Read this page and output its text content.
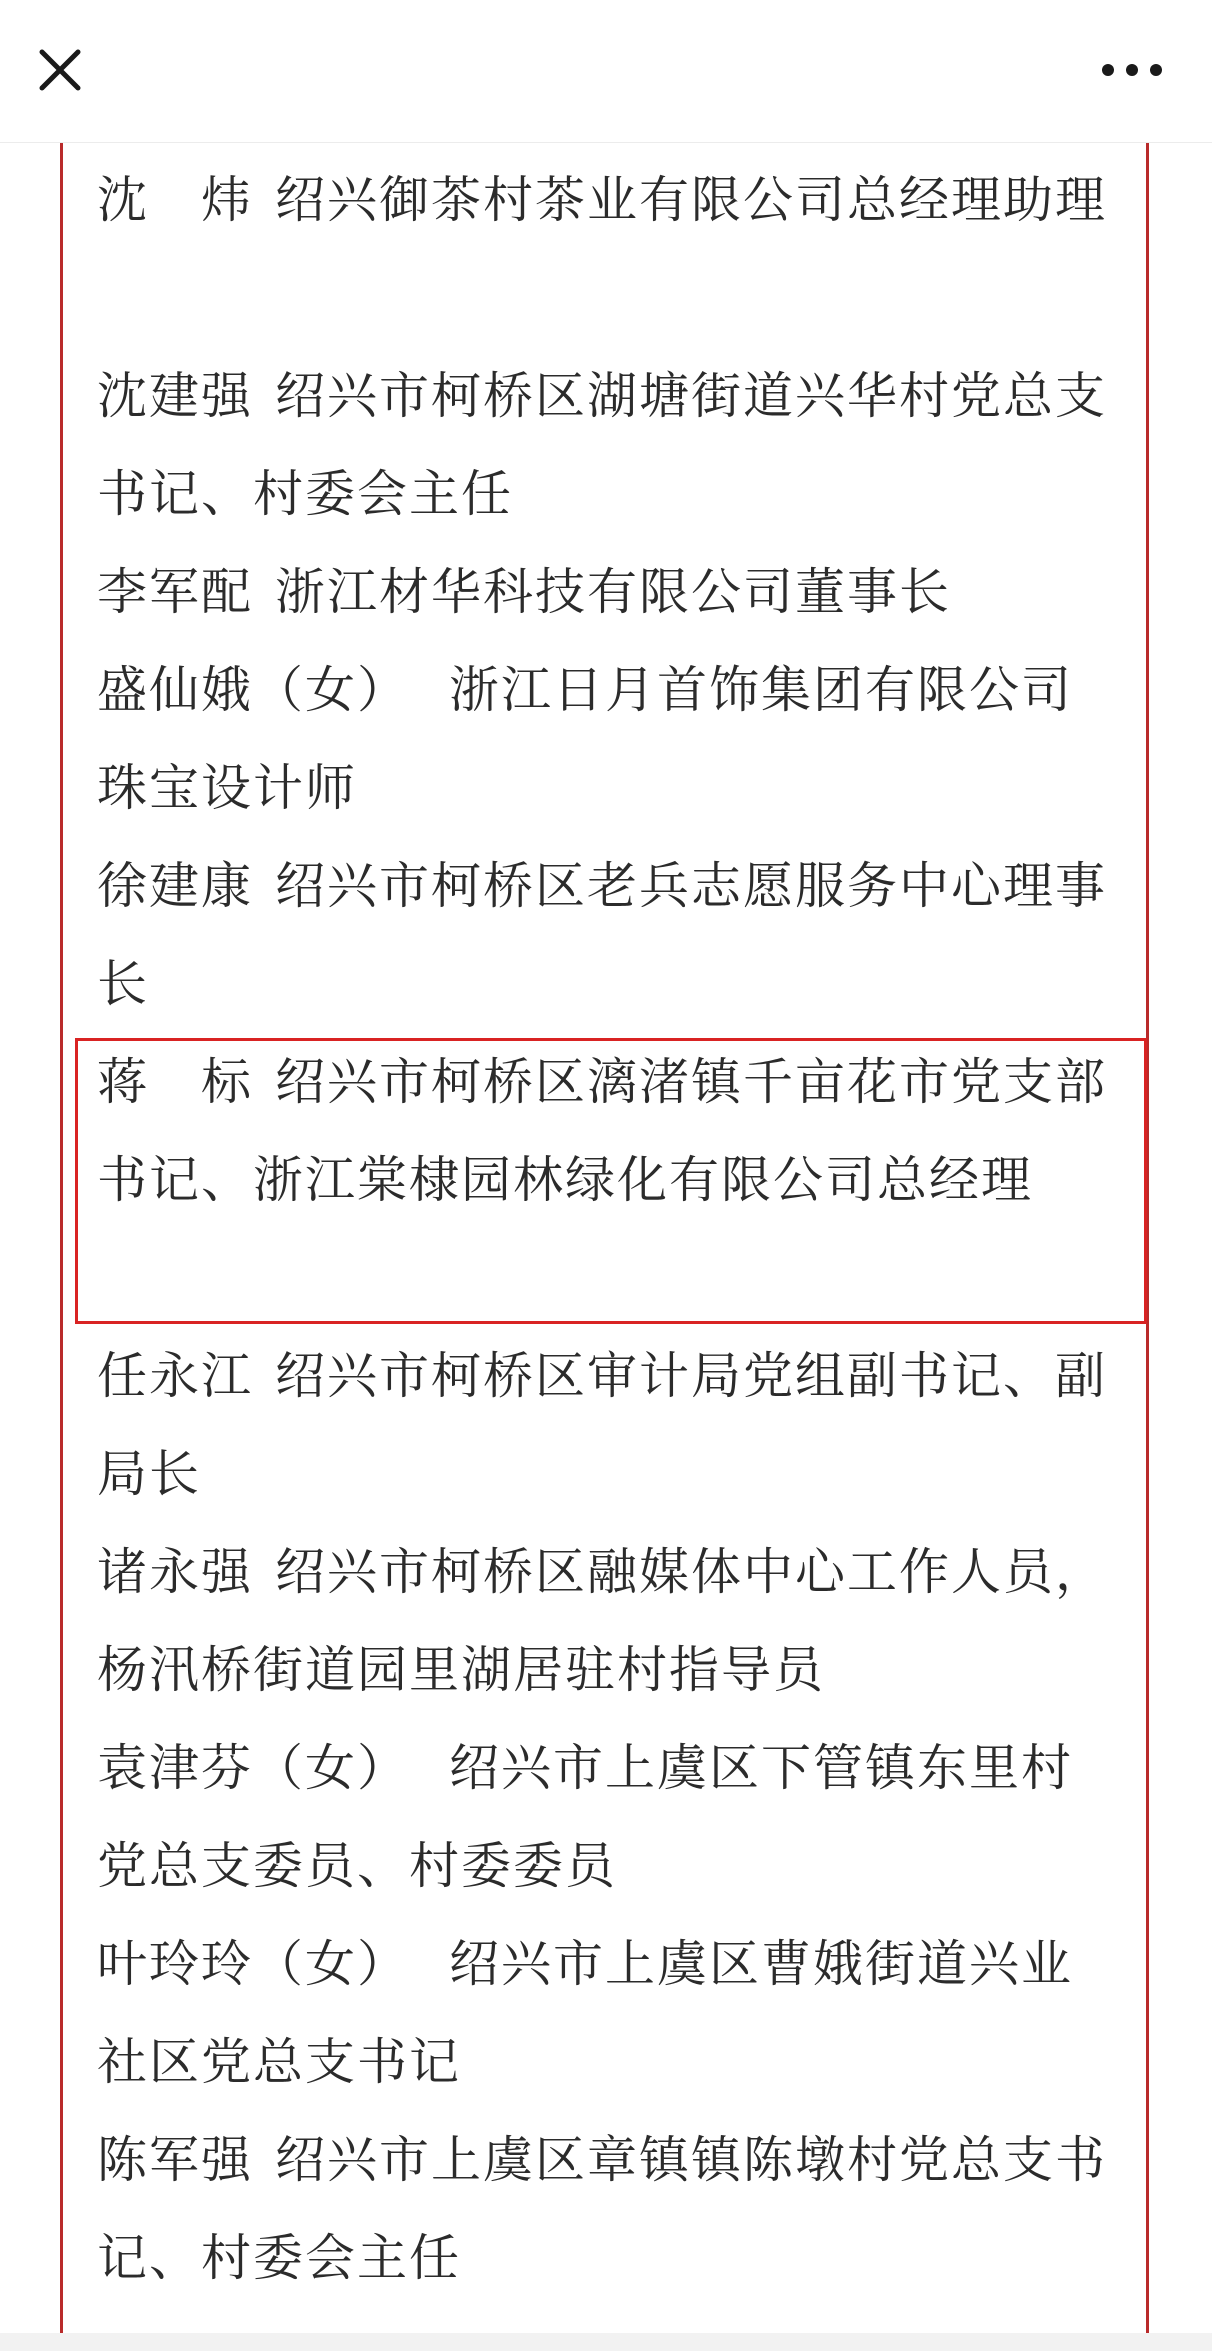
沈　炜 绍兴御茶村茶业有限公司总经理助理

沈建强 绍兴市柯桥区湖塘街道兴华村党总支书记、村委会主任

李军配 浙江材华科技有限公司董事长

盛仙娥（女） 浙江日月首饰集团有限公司珠宝设计师

徐建康 绍兴市柯桥区老兵志愿服务中心理事长

蒋　标 绍兴市柯桥区漓渚镇千亩花市党支部书记、浙江棠棣园林绿化有限公司总经理

任永江 绍兴市柯桥区审计局党组副书记、副局长

诸永强 绍兴市柯桥区融媒体中心工作人员，杨汛桥街道园里湖居驻村指导员

袁津芬（女） 绍兴市上虞区下管镇东里村党总支委员、村委委员

叶玲玲（女） 绍兴市上虞区曹娥街道兴业社区党总支书记

陈军强 绍兴市上虞区章镇镇陈墩村党总支书记、村委会主任
